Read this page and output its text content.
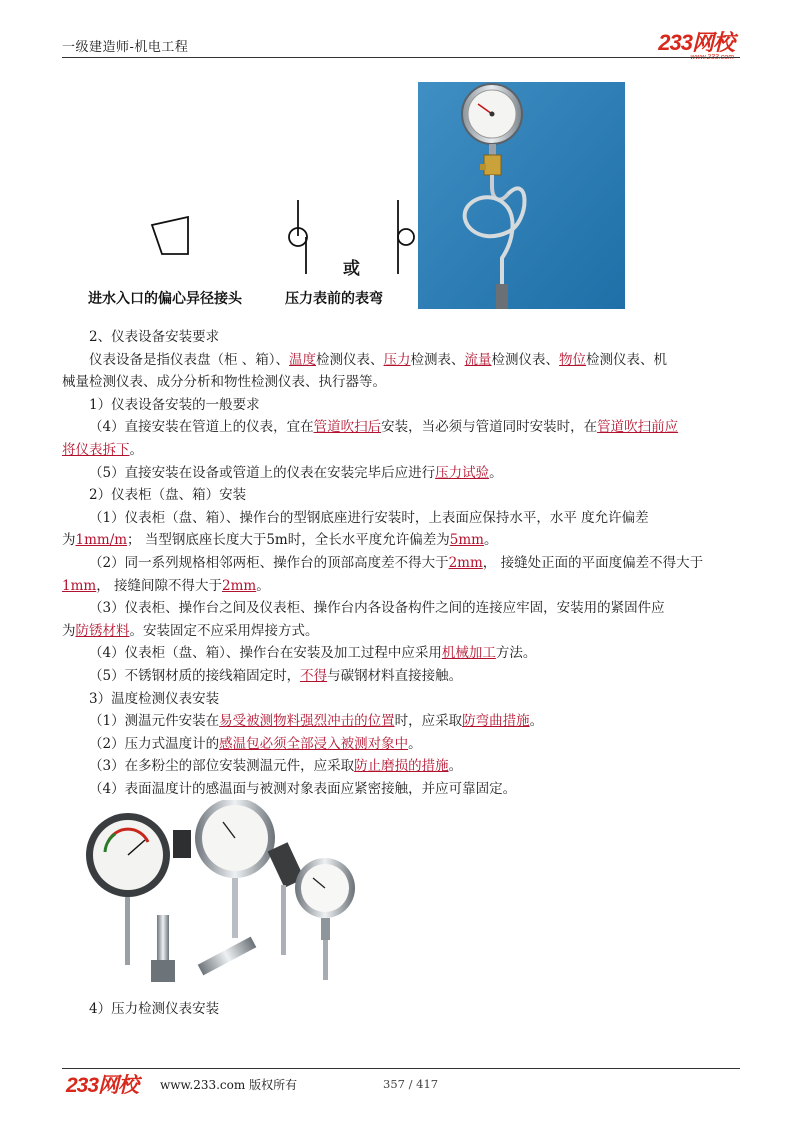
一级建造师-机电工程	233网校
或
进水入口的偏心异径接头	压力表前的表弯

2、仪表设备安装要求

仪表设备是指仪表盘（柜 、箱）、温度检测仪表、压力检测表、流量检测仪表、物位检测仪表、机

械量检测仪表、成分分析和物性检测仪表、执行器等。

1）仪表设备安装的一般要求

（4）直接安装在管道上的仪表，宜在管道吹扫后安装，当必须与管道同时安装时，在管道吹扫前应

将仪表拆下。

（5）直接安装在设备或管道上的仪表在安装完毕后应进行压力试验。

2）仪表柜（盘、箱）安装

（1）仪表柜（盘、箱）、操作台的型钢底座进行安装时，上表面应保持水平，水平 度允许偏差

为1mm/m； 当型钢底座长度大于5m时，全长水平度允许偏差为5mm。

（2）同一系列规格相邻两柜、操作台的顶部高度差不得大于2mm， 接缝处正面的平面度偏差不得大于

1mm， 接缝间隙不得大于2mm。

（3）仪表柜、操作台之间及仪表柜、操作台内各设备构件之间的连接应牢固，安装用的紧固件应

为防锈材料。安装固定不应采用焊接方式。

（4）仪表柜（盘、箱）、操作台在安装及加工过程中应采用机械加工方法。

（5）不锈钢材质的接线箱固定时，不得与碳钢材料直接接触。

3）温度检测仪表安装

（1）测温元件安装在易受被测物料强烈冲击的位置时，应采取防弯曲措施。

（2）压力式温度计的感温包必须全部浸入被测对象中。

（3）在多粉尘的部位安装测温元件，应采取防止磨损的措施。

（4）表面温度计的感温面与被测对象表面应紧密接触，并应可靠固定。

4）压力检测仪表安装
233网校 www.233.com 版权所有	357 / 417
